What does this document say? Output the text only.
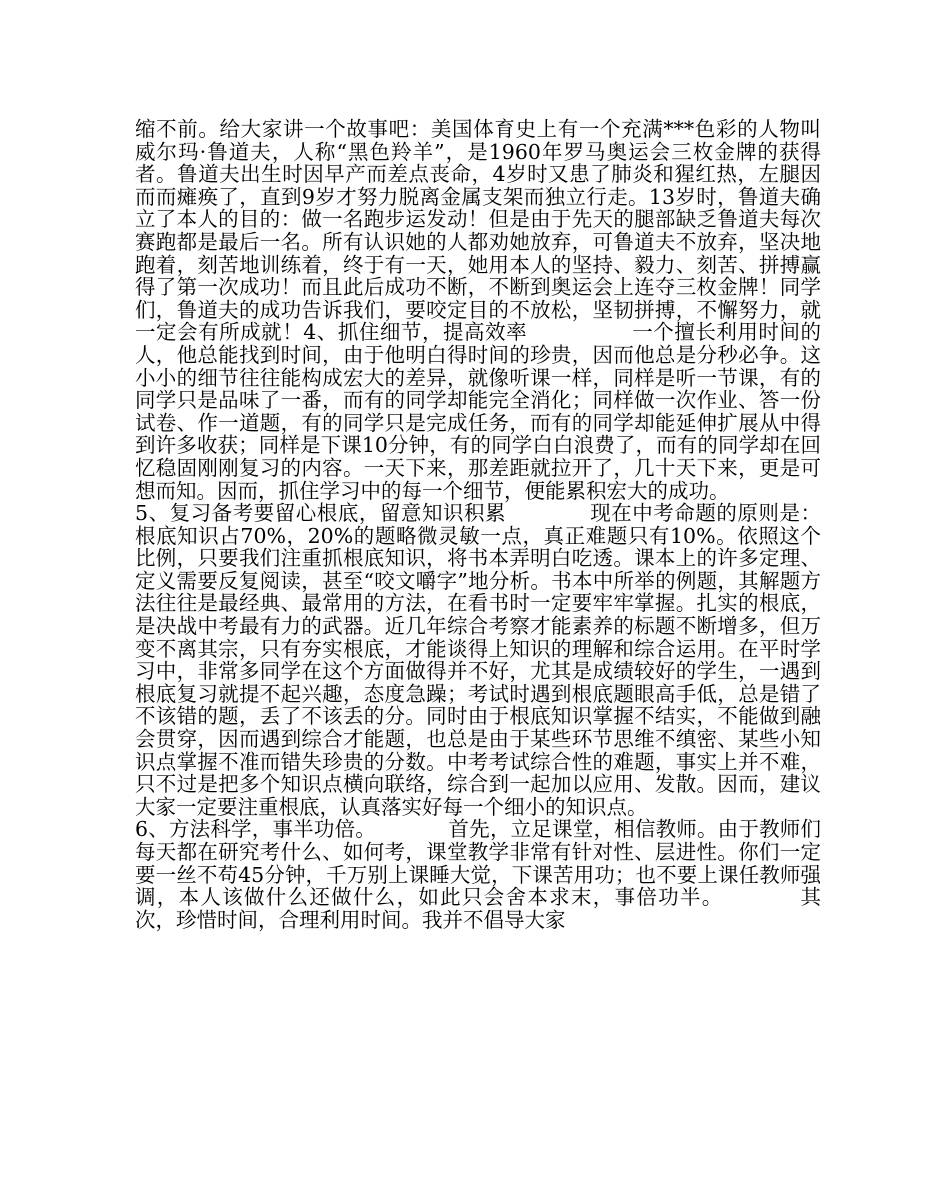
缩不前。给大家讲一个故事吧：美国体育史上有一个充满***色彩的人物叫威尔玛·鲁道夫，人称“黑色羚羊”，是1960年罗马奥运会三枚金牌的获得者。鲁道夫出生时因早产而差点丧命，4岁时又患了肺炎和猩红热，左腿因而而瘫痪了，直到9岁才努力脱离金属支架而独立行走。13岁时，鲁道夫确立了本人的目的：做一名跑步运发动！但是由于先天的腿部缺乏鲁道夫每次赛跑都是最后一名。所有认识她的人都劝她放弃，可鲁道夫不放弃，坚决地跑着，刻苦地训练着，终于有一天，她用本人的坚持、毅力、刻苦、拼搏赢得了第一次成功！而且此后成功不断，不断到奥运会上连夺三枚金牌！同学们，鲁道夫的成功告诉我们，要咬定目的不放松，坚韧拼搏，不懈努力，就一定会有所成就！4、抓住细节，提高效率　　　　　一个擅长利用时间的人，他总能找到时间，由于他明白得时间的珍贵，因而他总是分秒必争。这小小的细节往往能构成宏大的差异，就像听课一样，同样是听一节课，有的同学只是品味了一番，而有的同学却能完全消化；同样做一次作业、答一份试卷、作一道题，有的同学只是完成任务，而有的同学却能延伸扩展从中得到许多收获；同样是下课10分钟，有的同学白白浪费了，而有的同学却在回忆稳固刚刚复习的内容。一天下来，那差距就拉开了，几十天下来，更是可想而知。因而，抓住学习中的每一个细节，便能累积宏大的成功。

5、复习备考要留心根底，留意知识积累　　　　现在中考命题的原则是：根底知识占70%，20%的题略微灵敏一点，真正难题只有10%。依照这个比例，只要我们注重抓根底知识，将书本弄明白吃透。课本上的许多定理、定义需要反复阅读，甚至“咬文嚼字”地分析。书本中所举的例题，其解题方法往往是最经典、最常用的方法，在看书时一定要牢牢掌握。扎实的根底，是决战中考最有力的武器。近几年综合考察才能素养的标题不断增多，但万变不离其宗，只有夯实根底，才能谈得上知识的理解和综合运用。在平时学习中，非常多同学在这个方面做得并不好，尤其是成绩较好的学生，一遇到根底复习就提不起兴趣，态度急躁；考试时遇到根底题眼高手低，总是错了不该错的题，丢了不该丢的分。同时由于根底知识掌握不结实，不能做到融会贯穿，因而遇到综合才能题，也总是由于某些环节思维不缜密、某些小知识点掌握不准而错失珍贵的分数。中考考试综合性的难题，事实上并不难，只不过是把多个知识点横向联络，综合到一起加以应用、发散。因而，建议大家一定要注重根底，认真落实好每一个细小的知识点。

6、方法科学，事半功倍。　　　　首先，立足课堂，相信教师。由于教师们每天都在研究考什么、如何考，课堂教学非常有针对性、层进性。你们一定要一丝不苟45分钟，千万别上课睡大觉，下课苦用功；也不要上课任教师强调，本人该做什么还做什么，如此只会舍本求末，事倍功半。　　　　其次，珍惜时间，合理利用时间。我并不倡导大家
